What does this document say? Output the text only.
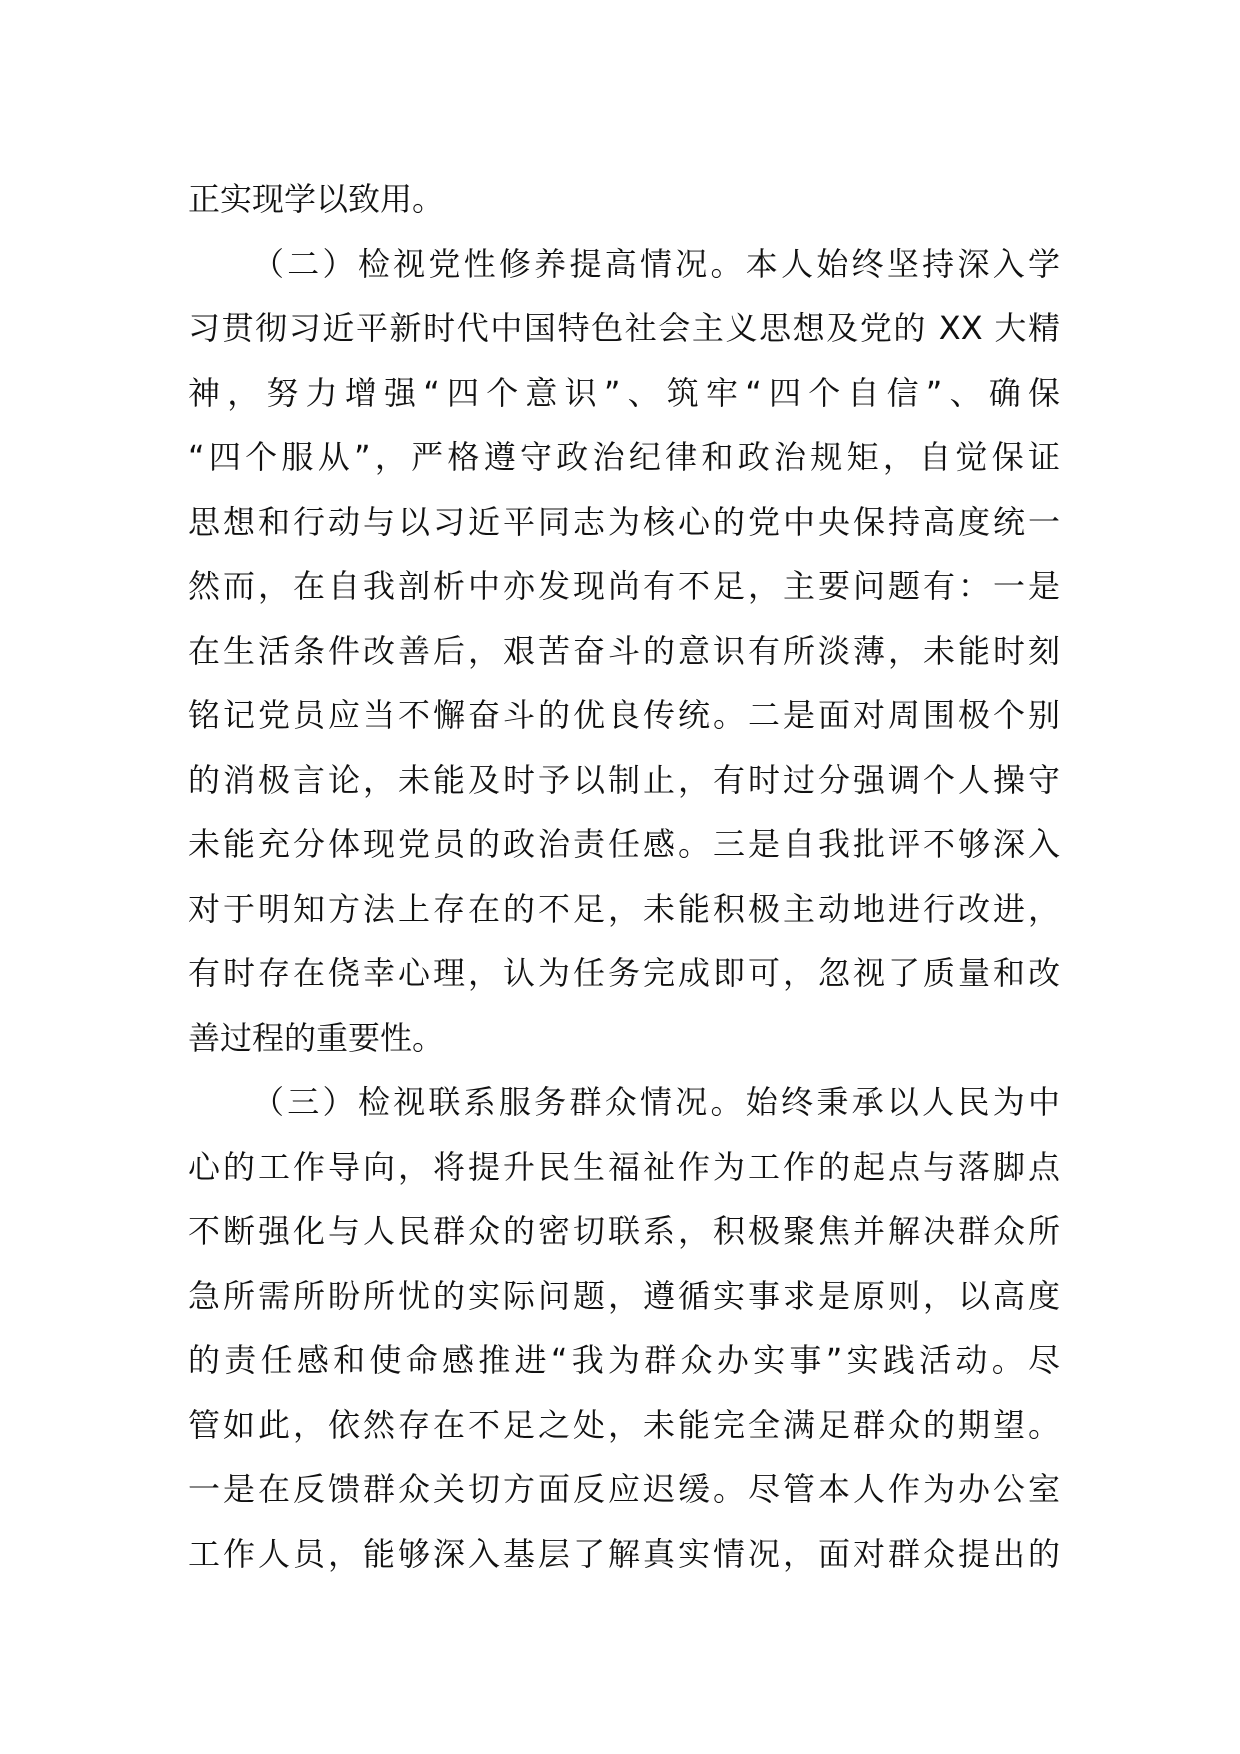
正实现学以致用。
（二）检视党性修养提高情况。本人始终坚持深入学
习贯彻习近平新时代中国特色社会主义思想及党的 XX 大精
神，努力增强“四个意识”、筑牢“四个自信”、确保
“四个服从”，严格遵守政治纪律和政治规矩，自觉保证
思想和行动与以习近平同志为核心的党中央保持高度统一
然而，在自我剖析中亦发现尚有不足，主要问题有：一是
在生活条件改善后，艰苦奋斗的意识有所淡薄，未能时刻
铭记党员应当不懈奋斗的优良传统。二是面对周围极个别
的消极言论，未能及时予以制止，有时过分强调个人操守
未能充分体现党员的政治责任感。三是自我批评不够深入
对于明知方法上存在的不足，未能积极主动地进行改进，
有时存在侥幸心理，认为任务完成即可，忽视了质量和改
善过程的重要性。
（三）检视联系服务群众情况。始终秉承以人民为中
心的工作导向，将提升民生福祉作为工作的起点与落脚点
不断强化与人民群众的密切联系，积极聚焦并解决群众所
急所需所盼所忧的实际问题，遵循实事求是原则，以高度
的责任感和使命感推进“我为群众办实事”实践活动。尽
管如此，依然存在不足之处，未能完全满足群众的期望。
一是在反馈群众关切方面反应迟缓。尽管本人作为办公室
工作人员，能够深入基层了解真实情况，面对群众提出的
